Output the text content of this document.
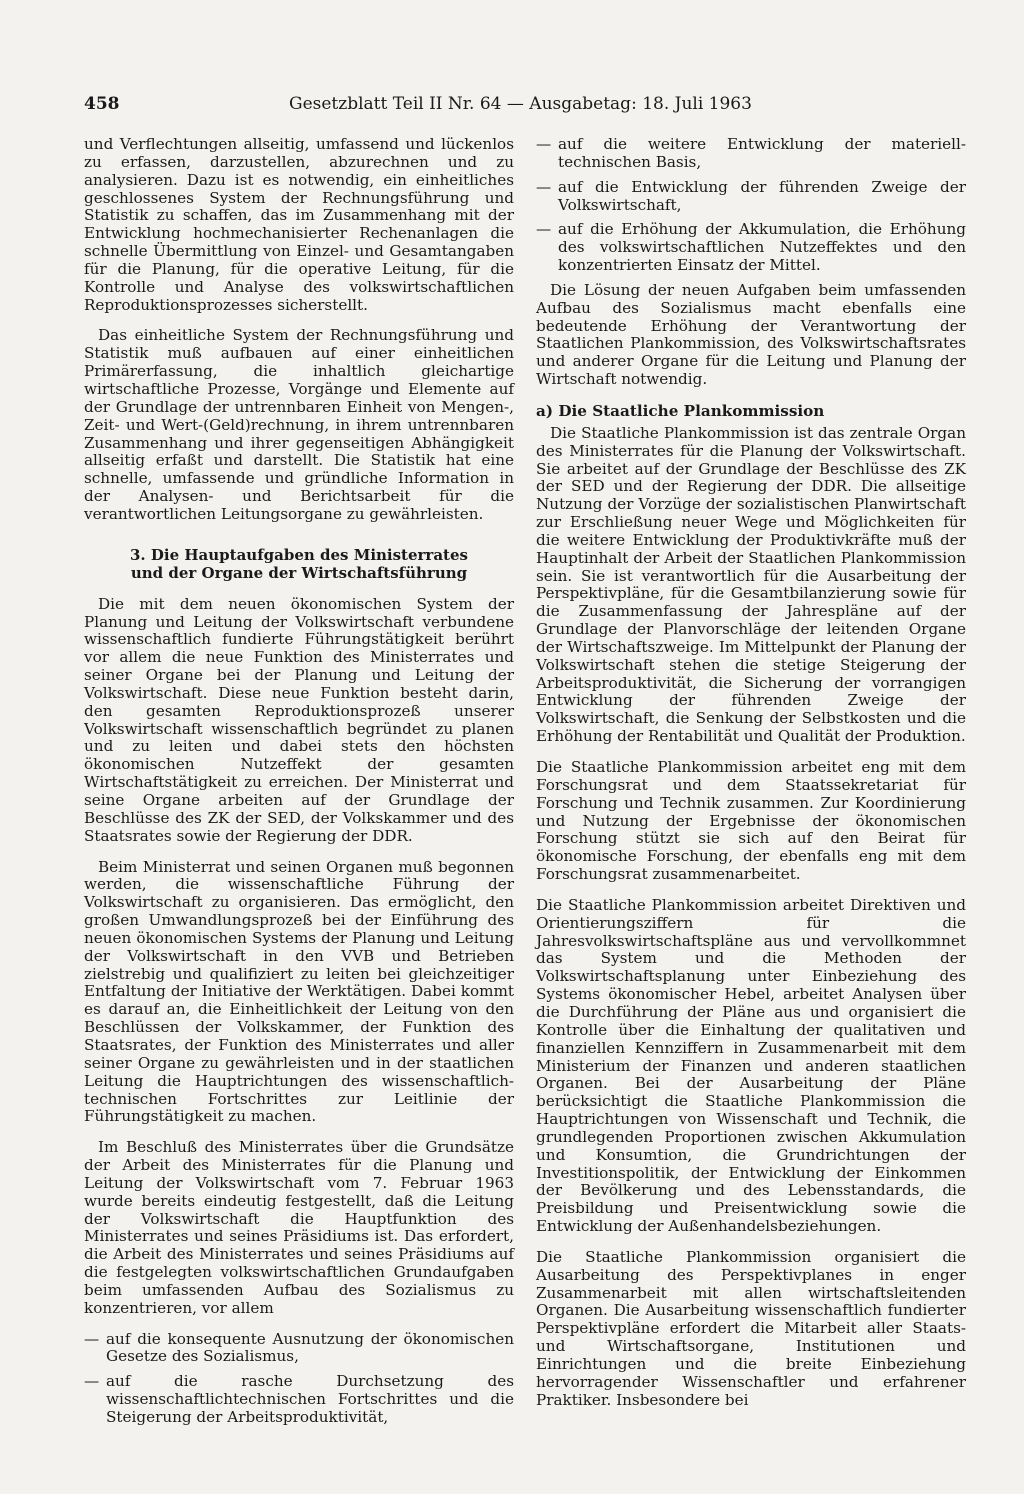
458	Gesetzblatt Teil II Nr. 64 — Ausgabetag: 18. Juli 1963

und Verflechtungen allseitig, umfassend und lückenlos zu erfassen, darzustellen, abzurechnen und zu analysieren. Dazu ist es notwendig, ein einheitliches geschlossenes System der Rechnungsführung und Statistik zu schaffen, das im Zusammenhang mit der Entwicklung hochmechanisierter Rechenanlagen die schnelle Übermittlung von Einzel- und Gesamtangaben für die Planung, für die operative Leitung, für die Kontrolle und Analyse des volkswirtschaftlichen Reproduktionsprozesses sicherstellt.

Das einheitliche System der Rechnungsführung und Statistik muß aufbauen auf einer einheitlichen Primärerfassung, die inhaltlich gleichartige wirtschaftliche Prozesse, Vorgänge und Elemente auf der Grundlage der untrennbaren Einheit von Mengen-, Zeit- und Wert-(Geld)rechnung, in ihrem untrennbaren Zusammenhang und ihrer gegenseitigen Abhängigkeit allseitig erfaßt und darstellt. Die Statistik hat eine schnelle, umfassende und gründliche Information in der Analysen- und Berichtsarbeit für die verantwortlichen Leitungsorgane zu gewährleisten.

3. Die Hauptaufgaben des Ministerrates
und der Organe der Wirtschaftsführung

Die mit dem neuen ökonomischen System der Planung und Leitung der Volkswirtschaft verbundene wissenschaftlich fundierte Führungstätigkeit berührt vor allem die neue Funktion des Ministerrates und seiner Organe bei der Planung und Leitung der Volkswirtschaft. Diese neue Funktion besteht darin, den gesamten Reproduktionsprozeß unserer Volkswirtschaft wissenschaftlich begründet zu planen und zu leiten und dabei stets den höchsten ökonomischen Nutzeffekt der gesamten Wirtschaftstätigkeit zu erreichen. Der Ministerrat und seine Organe arbeiten auf der Grundlage der Beschlüsse des ZK der SED, der Volkskammer und des Staatsrates sowie der Regierung der DDR.

Beim Ministerrat und seinen Organen muß begonnen werden, die wissenschaftliche Führung der Volkswirtschaft zu organisieren. Das ermöglicht, den großen Umwandlungsprozeß bei der Einführung des neuen ökonomischen Systems der Planung und Leitung der Volkswirtschaft in den VVB und Betrieben zielstrebig und qualifiziert zu leiten bei gleichzeitiger Entfaltung der Initiative der Werktätigen. Dabei kommt es darauf an, die Einheitlichkeit der Leitung von den Beschlüssen der Volkskammer, der Funktion des Staatsrates, der Funktion des Ministerrates und aller seiner Organe zu gewährleisten und in der staatlichen Leitung die Hauptrichtungen des wissenschaftlich-technischen Fortschrittes zur Leitlinie der Führungstätigkeit zu machen.

Im Beschluß des Ministerrates über die Grundsätze der Arbeit des Ministerrates für die Planung und Leitung der Volkswirtschaft vom 7. Februar 1963 wurde bereits eindeutig festgestellt, daß die Leitung der Volkswirtschaft die Hauptfunktion des Ministerrates und seines Präsidiums ist. Das erfordert, die Arbeit des Ministerrates und seines Präsidiums auf die festgelegten volkswirtschaftlichen Grundaufgaben beim umfassenden Aufbau des Sozialismus zu konzentrieren, vor allem

— auf die konsequente Ausnutzung der ökonomischen Gesetze des Sozialismus,
— auf die rasche Durchsetzung des wissenschaftlichtechnischen Fortschrittes und die Steigerung der Arbeitsproduktivität,
— auf die weitere Entwicklung der materiell-technischen Basis,
— auf die Entwicklung der führenden Zweige der Volkswirtschaft,
— auf die Erhöhung der Akkumulation, die Erhöhung des volkswirtschaftlichen Nutzeffektes und den konzentrierten Einsatz der Mittel.

Die Lösung der neuen Aufgaben beim umfassenden Aufbau des Sozialismus macht ebenfalls eine bedeutende Erhöhung der Verantwortung der Staatlichen Plankommission, des Volkswirtschaftsrates und anderer Organe für die Leitung und Planung der Wirtschaft notwendig.

a) Die Staatliche Plankommission

Die Staatliche Plankommission ist das zentrale Organ des Ministerrates für die Planung der Volkswirtschaft. Sie arbeitet auf der Grundlage der Beschlüsse des ZK der SED und der Regierung der DDR. Die allseitige Nutzung der Vorzüge der sozialistischen Planwirtschaft zur Erschließung neuer Wege und Möglichkeiten für die weitere Entwicklung der Produktivkräfte muß der Hauptinhalt der Arbeit der Staatlichen Plankommission sein. Sie ist verantwortlich für die Ausarbeitung der Perspektivpläne, für die Gesamtbilanzierung sowie für die Zusammenfassung der Jahrespläne auf der Grundlage der Planvorschläge der leitenden Organe der Wirtschaftszweige. Im Mittelpunkt der Planung der Volkswirtschaft stehen die stetige Steigerung der Arbeitsproduktivität, die Sicherung der vorrangigen Entwicklung der führenden Zweige der Volkswirtschaft, die Senkung der Selbstkosten und die Erhöhung der Rentabilität und Qualität der Produktion.

Die Staatliche Plankommission arbeitet eng mit dem Forschungsrat und dem Staatssekretariat für Forschung und Technik zusammen. Zur Koordinierung und Nutzung der Ergebnisse der ökonomischen Forschung stützt sie sich auf den Beirat für ökonomische Forschung, der ebenfalls eng mit dem Forschungsrat zusammenarbeitet.

Die Staatliche Plankommission arbeitet Direktiven und Orientierungsziffern für die Jahresvolkswirtschaftspläne aus und vervollkommnet das System und die Methoden der Volkswirtschaftsplanung unter Einbeziehung des Systems ökonomischer Hebel, arbeitet Analysen über die Durchführung der Pläne aus und organisiert die Kontrolle über die Einhaltung der qualitativen und finanziellen Kennziffern in Zusammenarbeit mit dem Ministerium der Finanzen und anderen staatlichen Organen. Bei der Ausarbeitung der Pläne berücksichtigt die Staatliche Plankommission die Hauptrichtungen von Wissenschaft und Technik, die grundlegenden Proportionen zwischen Akkumulation und Konsumtion, die Grundrichtungen der Investitionspolitik, der Entwicklung der Einkommen der Bevölkerung und des Lebensstandards, die Preisbildung und Preisentwicklung sowie die Entwicklung der Außenhandelsbeziehungen.

Die Staatliche Plankommission organisiert die Ausarbeitung des Perspektivplanes in enger Zusammenarbeit mit allen wirtschaftsleitenden Organen. Die Ausarbeitung wissenschaftlich fundierter Perspektivpläne erfordert die Mitarbeit aller Staats- und Wirtschaftsorgane, Institutionen und Einrichtungen und die breite Einbeziehung hervorragender Wissenschaftler und erfahrener Praktiker. Insbesondere bei
